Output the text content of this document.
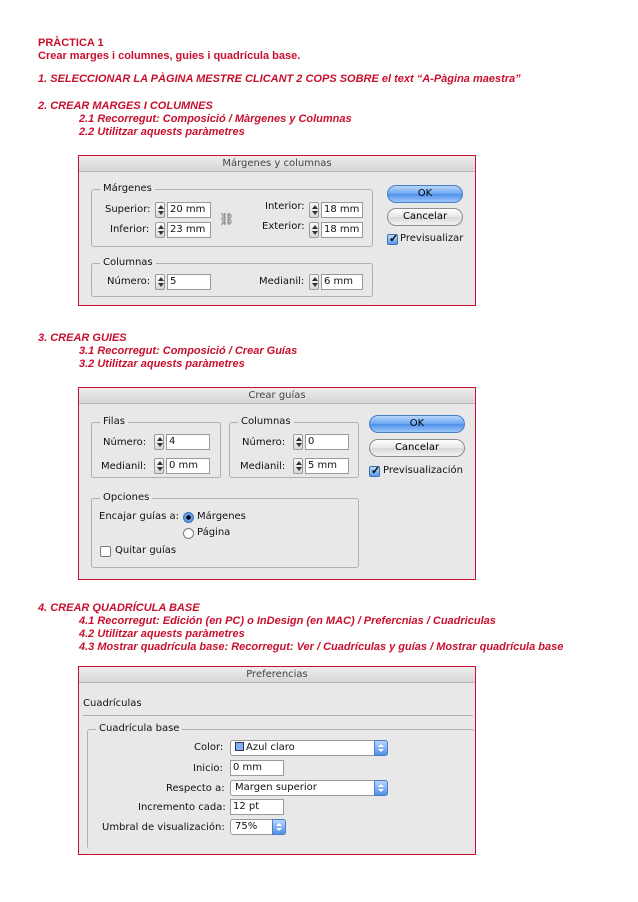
PRÀCTICA 1
Crear marges i columnes, guies i quadrícula base.
1. SELECCIONAR LA PÀGINA MESTRE CLICANT 2 COPS SOBRE el text “A-Pàgina maestra”
2. CREAR MARGES I COLUMNES
2.1 Recorregut: Composició / Màrgenes y Columnas
2.2 Utilitzar aquests paràmetres
Márgenes y columnas
Márgenes
Superior:	20 mm
Inferior:	23 mm
⛓
Interior:	18 mm
Exterior:	18 mm
Columnas
Número:	5	Medianil:	6 mm
OK
Cancelar
✓
Previsualizar
3. CREAR GUIES
3.1 Recorregut: Composició / Crear Guías
3.2 Utilitzar aquests paràmetres
Crear guías
Filas
Número:	4
Medianil:	0 mm
Columnas
Número:	0
Medianil:	5 mm
Opciones
Encajar guías a: Márgenes
Página
Quitar guías
OK
Cancelar
✓
Previsualización
4. CREAR QUADRÍCULA BASE
4.1 Recorregut: Edición (en PC) o InDesign (en MAC) / Prefercnias / Cuadriculas
4.2 Utilitzar aquests paràmetres
4.3 Mostrar quadrícula base: Recorregut: Ver / Cuadrículas y guías / Mostrar quadrícula base
Preferencias
Cuadrículas
Cuadrícula base
Color:	Azul claro
Inicio:	0 mm
Respecto a:	Margen superior
Incremento cada: 12 pt
Umbral de visualización:	75%
